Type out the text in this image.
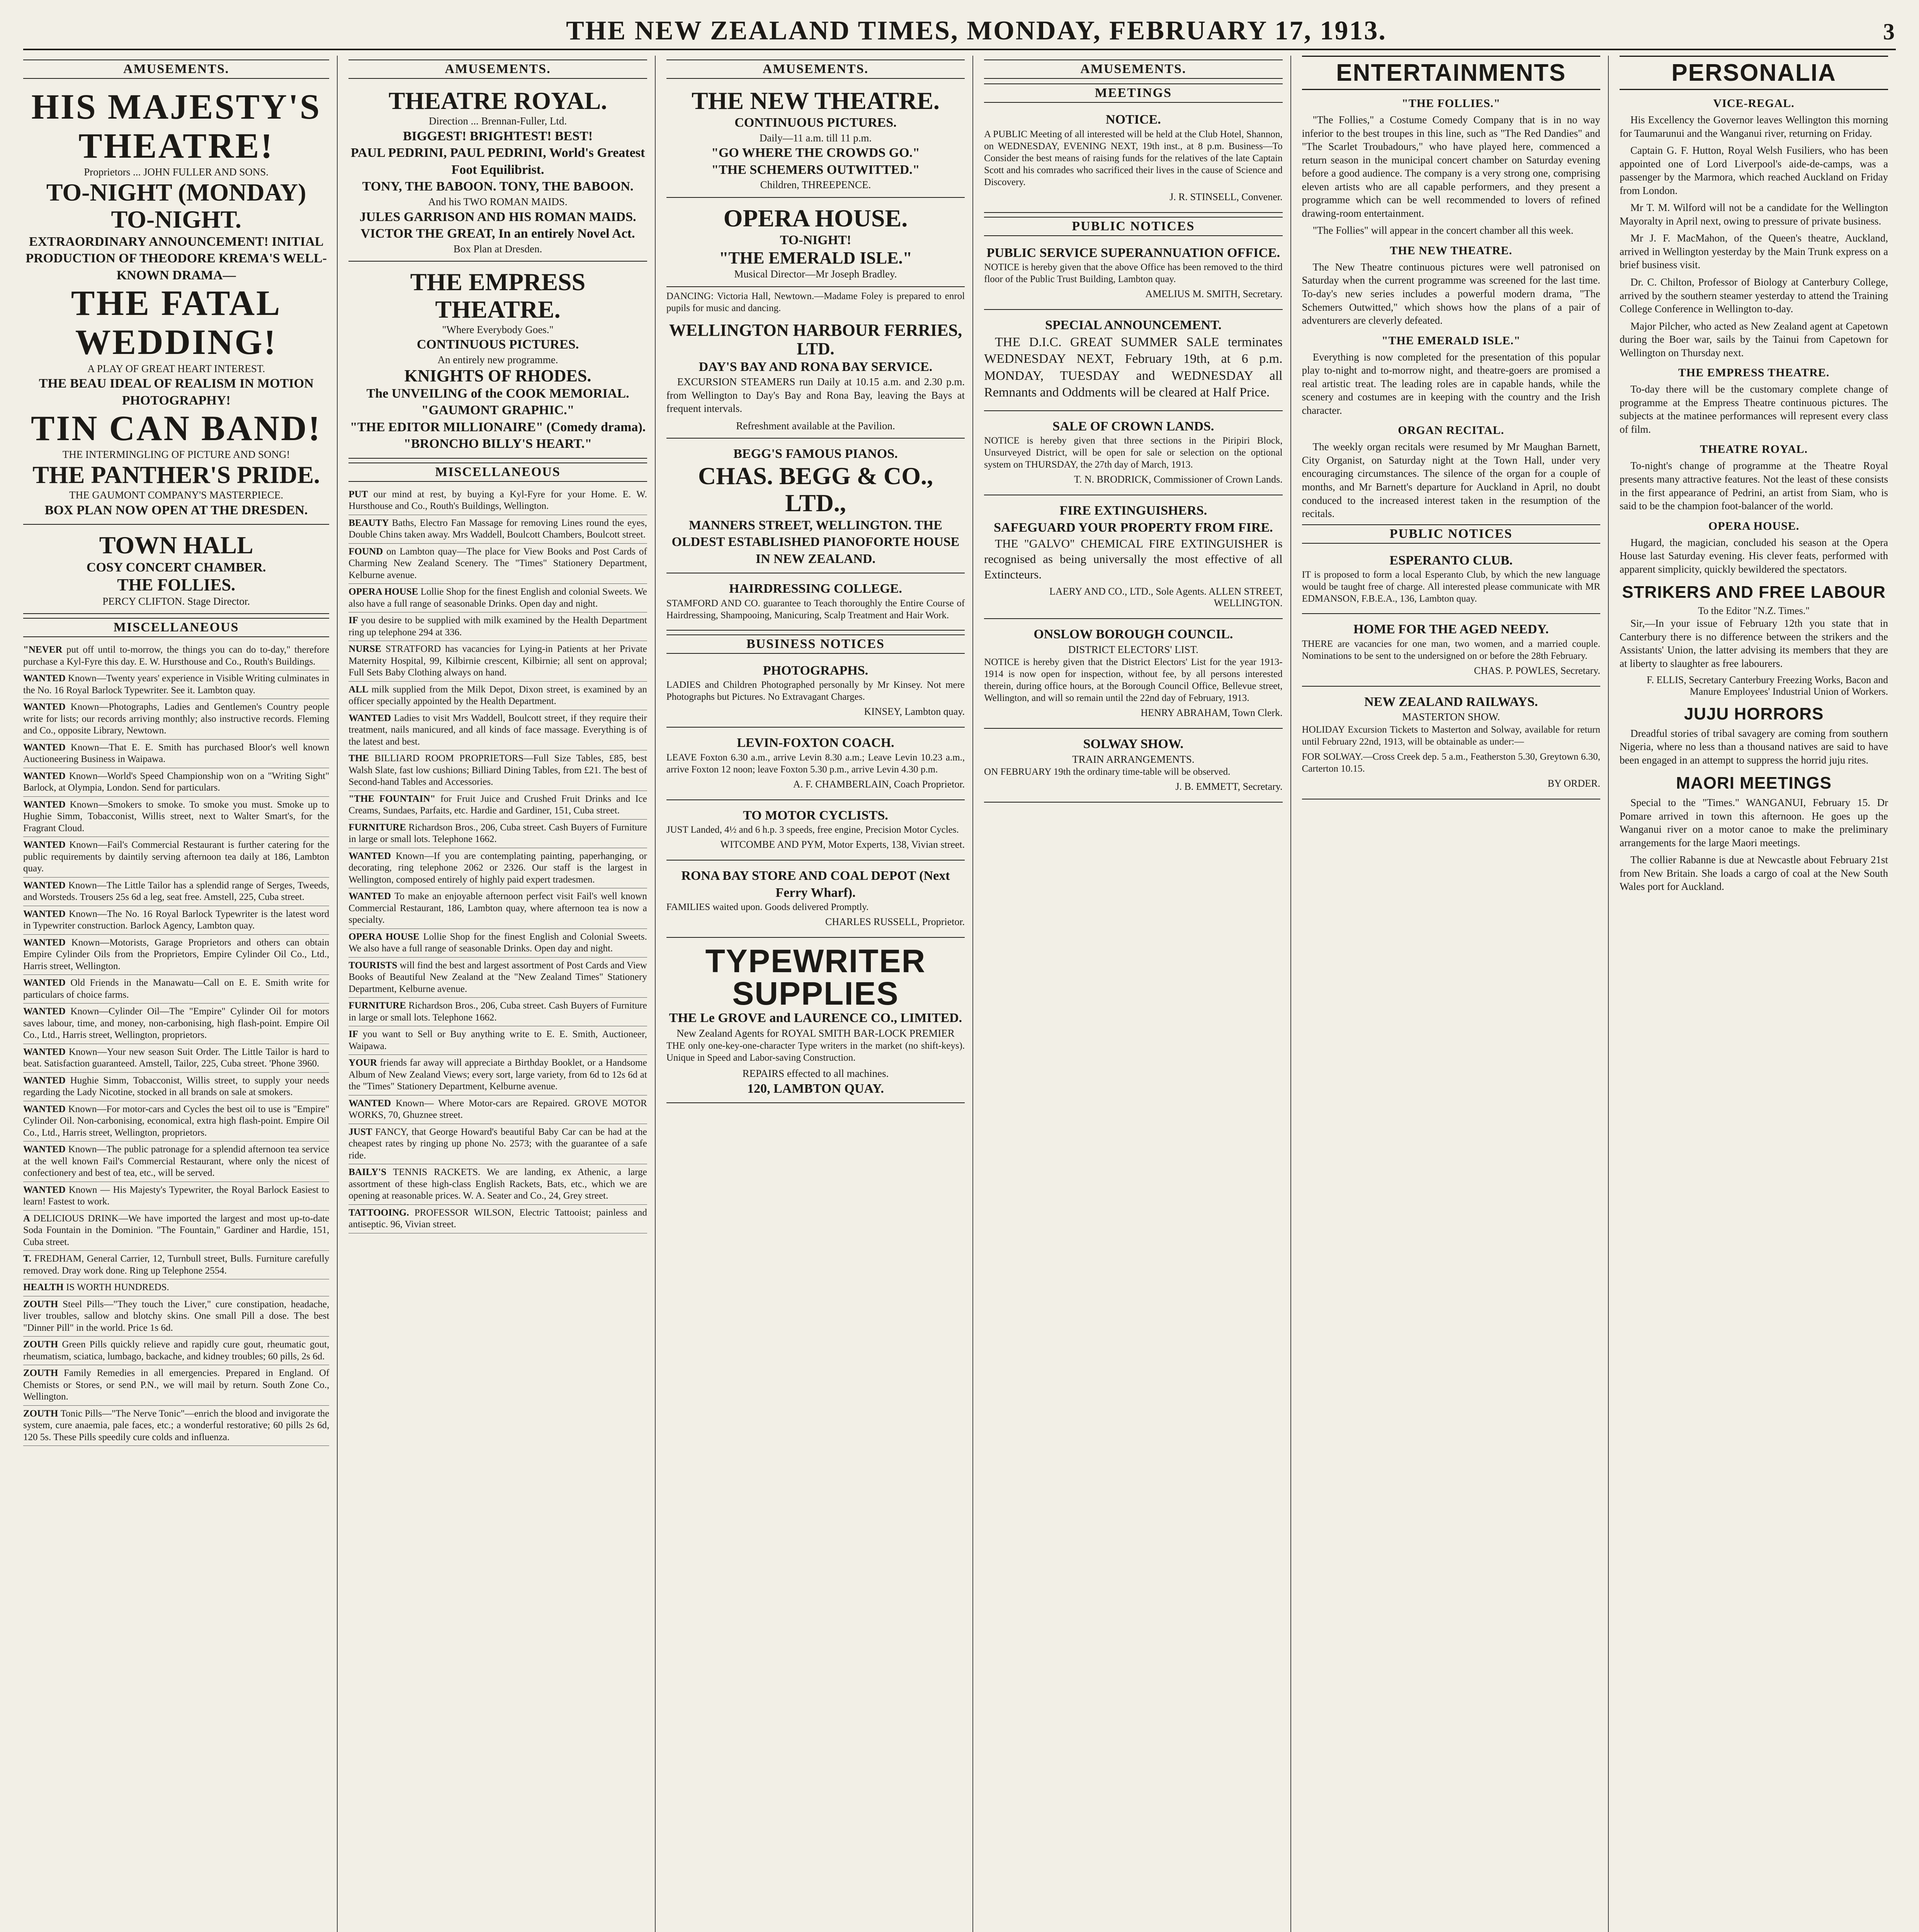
THE NEW ZEALAND TIMES, MONDAY, FEBRUARY 17, 1913.	3
AMUSEMENTS.
HIS MAJESTY'S THEATRE!
Proprietors ... JOHN FULLER AND SONS.
TO-NIGHT (MONDAY) TO-NIGHT.
EXTRAORDINARY ANNOUNCEMENT! INITIAL PRODUCTION OF THEODORE KREMA'S WELL-KNOWN DRAMA—
THE FATAL WEDDING!
A PLAY OF GREAT HEART INTEREST.
THE BEAU IDEAL OF REALISM IN MOTION PHOTOGRAPHY!
TIN CAN BAND!
THE INTERMINGLING OF PICTURE AND SONG!
THE PANTHER'S PRIDE.
THE GAUMONT COMPANY'S MASTERPIECE.
BOX PLAN NOW OPEN AT THE DRESDEN.
TOWN HALL
COSY CONCERT CHAMBER.
THE FOLLIES.
PERCY CLIFTON. Stage Director.
MISCELLANEOUS
"NEVER put off until to-morrow, the things you can do to-day," therefore purchase a Kyl-Fyre this day. E. W. Hursthouse and Co., Routh's Buildings.
WANTED Known—Twenty years' experience in Visible Writing culminates in the No. 16 Royal Barlock Typewriter. See it. Lambton quay.
WANTED Known—Photographs, Ladies and Gentlemen's Country people write for lists; our records arriving monthly; also instructive records. Fleming and Co., opposite Library, Newtown.
WANTED Known—That E. E. Smith has purchased Bloor's well known Auctioneering Business in Waipawa.
WANTED Known—World's Speed Championship won on a "Writing Sight" Barlock, at Olympia, London. Send for particulars.
WANTED Known—Smokers to smoke. To smoke you must. Smoke up to Hughie Simm, Tobacconist, Willis street, next to Walter Smart's, for the Fragrant Cloud.
WANTED Known—Fail's Commercial Restaurant is further catering for the public requirements by daintily serving afternoon tea daily at 186, Lambton quay.
WANTED Known—The Little Tailor has a splendid range of Serges, Tweeds, and Worsteds. Trousers 25s 6d a leg, seat free. Amstell, 225, Cuba street.
WANTED Known—The No. 16 Royal Barlock Typewriter is the latest word in Typewriter construction. Barlock Agency, Lambton quay.
WANTED Known—Motorists, Garage Proprietors and others can obtain Empire Cylinder Oils from the Proprietors, Empire Cylinder Oil Co., Ltd., Harris street, Wellington.
WANTED Old Friends in the Manawatu—Call on E. E. Smith write for particulars of choice farms.
WANTED Known—Cylinder Oil—The "Empire" Cylinder Oil for motors saves labour, time, and money, non-carbonising, high flash-point. Empire Oil Co., Ltd., Harris street, Wellington, proprietors.
WANTED Known—Your new season Suit Order. The Little Tailor is hard to beat. Satisfaction guaranteed. Amstell, Tailor, 225, Cuba street. 'Phone 3960.
WANTED Hughie Simm, Tobacconist, Willis street, to supply your needs regarding the Lady Nicotine, stocked in all brands on sale at smokers.
WANTED Known—For motor-cars and Cycles the best oil to use is "Empire" Cylinder Oil. Non-carbonising, economical, extra high flash-point. Empire Oil Co., Ltd., Harris street, Wellington, proprietors.
WANTED Known—The public patronage for a splendid afternoon tea service at the well known Fail's Commercial Restaurant, where only the nicest of confectionery and best of tea, etc., will be served.
WANTED Known — His Majesty's Typewriter, the Royal Barlock Easiest to learn! Fastest to work.
A DELICIOUS DRINK—We have imported the largest and most up-to-date Soda Fountain in the Dominion. "The Fountain," Gardiner and Hardie, 151, Cuba street.
T. FREDHAM, General Carrier, 12, Turnbull street, Bulls. Furniture carefully removed. Dray work done. Ring up Telephone 2554.
HEALTH IS WORTH HUNDREDS.
ZOUTH Steel Pills—"They touch the Liver," cure constipation, headache, liver troubles, sallow and blotchy skins. One small Pill a dose. The best "Dinner Pill" in the world. Price 1s 6d.
ZOUTH Green Pills quickly relieve and rapidly cure gout, rheumatic gout, rheumatism, sciatica, lumbago, backache, and kidney troubles; 60 pills, 2s 6d.
ZOUTH Family Remedies in all emergencies. Prepared in England. Of Chemists or Stores, or send P.N., we will mail by return. South Zone Co., Wellington.
ZOUTH Tonic Pills—"The Nerve Tonic"—enrich the blood and invigorate the system, cure anaemia, pale faces, etc.; a wonderful restorative; 60 pills 2s 6d, 120 5s. These Pills speedily cure colds and influenza.
AMUSEMENTS.
THEATRE ROYAL.
Direction ... Brennan-Fuller, Ltd.
BIGGEST! BRIGHTEST! BEST!
PAUL PEDRINI, PAUL PEDRINI, World's Greatest Foot Equilibrist.
TONY, THE BABOON. TONY, THE BABOON.
And his TWO ROMAN MAIDS.
JULES GARRISON AND HIS ROMAN MAIDS.
VICTOR THE GREAT, In an entirely Novel Act.
Box Plan at Dresden.
THE EMPRESS THEATRE.
"Where Everybody Goes."
CONTINUOUS PICTURES.
An entirely new programme.
KNIGHTS OF RHODES.
The UNVEILING of the COOK MEMORIAL.
"GAUMONT GRAPHIC."
"THE EDITOR MILLIONAIRE" (Comedy drama).
"BRONCHO BILLY'S HEART."
MISCELLANEOUS
PUT our mind at rest, by buying a Kyl-Fyre for your Home. E. W. Hursthouse and Co., Routh's Buildings, Wellington.
BEAUTY Baths, Electro Fan Massage for removing Lines round the eyes, Double Chins taken away. Mrs Waddell, Boulcott Chambers, Boulcott street.
FOUND on Lambton quay—The place for View Books and Post Cards of Charming New Zealand Scenery. The "Times" Stationery Department, Kelburne avenue.
OPERA HOUSE Lollie Shop for the finest English and colonial Sweets. We also have a full range of seasonable Drinks. Open day and night.
IF you desire to be supplied with milk examined by the Health Department ring up telephone 294 at 336.
NURSE STRATFORD has vacancies for Lying-in Patients at her Private Maternity Hospital, 99, Kilbirnie crescent, Kilbirnie; all sent on approval; Full Sets Baby Clothing always on hand.
ALL milk supplied from the Milk Depot, Dixon street, is examined by an officer specially appointed by the Health Department.
WANTED Ladies to visit Mrs Waddell, Boulcott street, if they require their treatment, nails manicured, and all kinds of face massage. Everything is of the latest and best.
THE BILLIARD ROOM PROPRIETORS—Full Size Tables, £85, best Walsh Slate, fast low cushions; Billiard Dining Tables, from £21. The best of Second-hand Tables and Accessories.
"THE FOUNTAIN" for Fruit Juice and Crushed Fruit Drinks and Ice Creams, Sundaes, Parfaits, etc. Hardie and Gardiner, 151, Cuba street.
FURNITURE Richardson Bros., 206, Cuba street. Cash Buyers of Furniture in large or small lots. Telephone 1662.
WANTED Known—If you are contemplating painting, paperhanging, or decorating, ring telephone 2062 or 2326. Our staff is the largest in Wellington, composed entirely of highly paid expert tradesmen.
WANTED To make an enjoyable afternoon perfect visit Fail's well known Commercial Restaurant, 186, Lambton quay, where afternoon tea is now a specialty.
OPERA HOUSE Lollie Shop for the finest English and Colonial Sweets. We also have a full range of seasonable Drinks. Open day and night.
TOURISTS will find the best and largest assortment of Post Cards and View Books of Beautiful New Zealand at the "New Zealand Times" Stationery Department, Kelburne avenue.
FURNITURE Richardson Bros., 206, Cuba street. Cash Buyers of Furniture in large or small lots. Telephone 1662.
IF you want to Sell or Buy anything write to E. E. Smith, Auctioneer, Waipawa.
YOUR friends far away will appreciate a Birthday Booklet, or a Handsome Album of New Zealand Views; every sort, large variety, from 6d to 12s 6d at the "Times" Stationery Department, Kelburne avenue.
WANTED Known— Where Motor-cars are Repaired. GROVE MOTOR WORKS, 70, Ghuznee street.
JUST FANCY, that George Howard's beautiful Baby Car can be had at the cheapest rates by ringing up phone No. 2573; with the guarantee of a safe ride.
BAILY'S TENNIS RACKETS. We are landing, ex Athenic, a large assortment of these high-class English Rackets, Bats, etc., which we are opening at reasonable prices. W. A. Seater and Co., 24, Grey street.
TATTOOING. PROFESSOR WILSON, Electric Tattooist; painless and antiseptic. 96, Vivian street.
AMUSEMENTS.
THE NEW THEATRE.
CONTINUOUS PICTURES.
Daily—11 a.m. till 11 p.m.
"GO WHERE THE CROWDS GO."
"THE SCHEMERS OUTWITTED."
Children, THREEPENCE.
OPERA HOUSE.
TO-NIGHT!
"THE EMERALD ISLE."
Musical Director—Mr Joseph Bradley.

DANCING: Victoria Hall, Newtown.—Madame Foley is prepared to enrol pupils for music and dancing.

WELLINGTON HARBOUR FERRIES, LTD.
DAY'S BAY AND RONA BAY SERVICE.

EXCURSION STEAMERS run Daily at 10.15 a.m. and 2.30 p.m. from Wellington to Day's Bay and Rona Bay, leaving the Bays at frequent intervals.

Refreshment available at the Pavilion.
BEGG'S FAMOUS PIANOS.
CHAS. BEGG & CO., LTD.,
MANNERS STREET, WELLINGTON. THE OLDEST ESTABLISHED PIANOFORTE HOUSE IN NEW ZEALAND.
HAIRDRESSING COLLEGE.

STAMFORD AND CO. guarantee to Teach thoroughly the Entire Course of Hairdressing, Shampooing, Manicuring, Scalp Treatment and Hair Work.

BUSINESS NOTICES
PHOTOGRAPHS.

LADIES and Children Photographed personally by Mr Kinsey. Not mere Photographs but Pictures. No Extravagant Charges.

KINSEY, Lambton quay.
LEVIN-FOXTON COACH.

LEAVE Foxton 6.30 a.m., arrive Levin 8.30 a.m.; Leave Levin 10.23 a.m., arrive Foxton 12 noon; leave Foxton 5.30 p.m., arrive Levin 4.30 p.m.

A. F. CHAMBERLAIN, Coach Proprietor.
TO MOTOR CYCLISTS.

JUST Landed, 4½ and 6 h.p. 3 speeds, free engine, Precision Motor Cycles.

WITCOMBE AND PYM, Motor Experts, 138, Vivian street.
RONA BAY STORE AND COAL DEPOT (Next Ferry Wharf).

FAMILIES waited upon. Goods delivered Promptly.

CHARLES RUSSELL, Proprietor.
TYPEWRITER SUPPLIES
THE Le GROVE and LAURENCE CO., LIMITED.
New Zealand Agents for ROYAL SMITH BAR-LOCK PREMIER

THE only one-key-one-character Type writers in the market (no shift-keys). Unique in Speed and Labor-saving Construction.

REPAIRS effected to all machines.
120, LAMBTON QUAY.
AMUSEMENTS.
MEETINGS
NOTICE.

A PUBLIC Meeting of all interested will be held at the Club Hotel, Shannon, on WEDNESDAY, EVENING NEXT, 19th inst., at 8 p.m. Business—To Consider the best means of raising funds for the relatives of the late Captain Scott and his comrades who sacrificed their lives in the cause of Science and Discovery.

J. R. STINSELL, Convener.
PUBLIC NOTICES
PUBLIC SERVICE SUPERANNUATION OFFICE.

NOTICE is hereby given that the above Office has been removed to the third floor of the Public Trust Building, Lambton quay.

AMELIUS M. SMITH, Secretary.
SPECIAL ANNOUNCEMENT.

THE D.I.C. GREAT SUMMER SALE terminates WEDNESDAY NEXT, February 19th, at 6 p.m. MONDAY, TUESDAY and WEDNESDAY all Remnants and Oddments will be cleared at Half Price.

SALE OF CROWN LANDS.

NOTICE is hereby given that three sections in the Piripiri Block, Unsurveyed District, will be open for sale or selection on the optional system on THURSDAY, the 27th day of March, 1913.

T. N. BRODRICK, Commissioner of Crown Lands.
FIRE EXTINGUISHERS.
SAFEGUARD YOUR PROPERTY FROM FIRE.

THE "GALVO" CHEMICAL FIRE EXTINGUISHER is recognised as being universally the most effective of all Extincteurs.

LAERY AND CO., LTD., Sole Agents. ALLEN STREET, WELLINGTON.
ONSLOW BOROUGH COUNCIL.
DISTRICT ELECTORS' LIST.

NOTICE is hereby given that the District Electors' List for the year 1913-1914 is now open for inspection, without fee, by all persons interested therein, during office hours, at the Borough Council Office, Bellevue street, Wellington, and will so remain until the 22nd day of February, 1913.

HENRY ABRAHAM, Town Clerk.
SOLWAY SHOW.
TRAIN ARRANGEMENTS.

ON FEBRUARY 19th the ordinary time-table will be observed.

J. B. EMMETT, Secretary.
ENTERTAINMENTS
"THE FOLLIES."

"The Follies," a Costume Comedy Company that is in no way inferior to the best troupes in this line, such as "The Red Dandies" and "The Scarlet Troubadours," who have played here, commenced a return season in the municipal concert chamber on Saturday evening before a good audience. The company is a very strong one, comprising eleven artists who are all capable performers, and they present a programme which can be well recommended to lovers of refined drawing-room entertainment.

"The Follies" will appear in the concert chamber all this week.

THE NEW THEATRE.

The New Theatre continuous pictures were well patronised on Saturday when the current programme was screened for the last time. To-day's new series includes a powerful modern drama, "The Schemers Outwitted," which shows how the plans of a pair of adventurers are cleverly defeated.

"THE EMERALD ISLE."

Everything is now completed for the presentation of this popular play to-night and to-morrow night, and theatre-goers are promised a real artistic treat. The leading roles are in capable hands, while the scenery and costumes are in keeping with the country and the Irish character.

ORGAN RECITAL.

The weekly organ recitals were resumed by Mr Maughan Barnett, City Organist, on Saturday night at the Town Hall, under very encouraging circumstances. The silence of the organ for a couple of months, and Mr Barnett's departure for Auckland in April, no doubt conduced to the increased interest taken in the resumption of the recitals.

PUBLIC NOTICES
ESPERANTO CLUB.

IT is proposed to form a local Esperanto Club, by which the new language would be taught free of charge. All interested please communicate with MR EDMANSON, F.B.E.A., 136, Lambton quay.

HOME FOR THE AGED NEEDY.

THERE are vacancies for one man, two women, and a married couple. Nominations to be sent to the undersigned on or before the 28th February.

CHAS. P. POWLES, Secretary.
NEW ZEALAND RAILWAYS.
MASTERTON SHOW.

HOLIDAY Excursion Tickets to Masterton and Solway, available for return until February 22nd, 1913, will be obtainable as under:—

FOR SOLWAY.—Cross Creek dep. 5 a.m., Featherston 5.30, Greytown 6.30, Carterton 10.15.

BY ORDER.
PERSONALIA
VICE-REGAL.

His Excellency the Governor leaves Wellington this morning for Taumarunui and the Wanganui river, returning on Friday.

Captain G. F. Hutton, Royal Welsh Fusiliers, who has been appointed one of Lord Liverpool's aide-de-camps, was a passenger by the Marmora, which reached Auckland on Friday from London.

Mr T. M. Wilford will not be a candidate for the Wellington Mayoralty in April next, owing to pressure of private business.

Mr J. F. MacMahon, of the Queen's theatre, Auckland, arrived in Wellington yesterday by the Main Trunk express on a brief business visit.

Dr. C. Chilton, Professor of Biology at Canterbury College, arrived by the southern steamer yesterday to attend the Training College Conference in Wellington to-day.

Major Pilcher, who acted as New Zealand agent at Capetown during the Boer war, sails by the Tainui from Capetown for Wellington on Thursday next.

THE EMPRESS THEATRE.

To-day there will be the customary complete change of programme at the Empress Theatre continuous pictures. The subjects at the matinee performances will represent every class of film.

THEATRE ROYAL.

To-night's change of programme at the Theatre Royal presents many attractive features. Not the least of these consists in the first appearance of Pedrini, an artist from Siam, who is said to be the champion foot-balancer of the world.

OPERA HOUSE.

Hugard, the magician, concluded his season at the Opera House last Saturday evening. His clever feats, performed with apparent simplicity, quickly bewildered the spectators.

STRIKERS AND FREE LABOUR
To the Editor "N.Z. Times."

Sir,—In your issue of February 12th you state that in Canterbury there is no difference between the strikers and the Assistants' Union, the latter advising its members that they are at liberty to slaughter as free labourers.

F. ELLIS, Secretary Canterbury Freezing Works, Bacon and Manure Employees' Industrial Union of Workers.
JUJU HORRORS

Dreadful stories of tribal savagery are coming from southern Nigeria, where no less than a thousand natives are said to have been engaged in an attempt to suppress the horrid juju rites.

MAORI MEETINGS

Special to the "Times." WANGANUI, February 15. Dr Pomare arrived in town this afternoon. He goes up the Wanganui river on a motor canoe to make the preliminary arrangements for the large Maori meetings.

The collier Rabanne is due at Newcastle about February 21st from New Britain. She loads a cargo of coal at the New South Wales port for Auckland.
